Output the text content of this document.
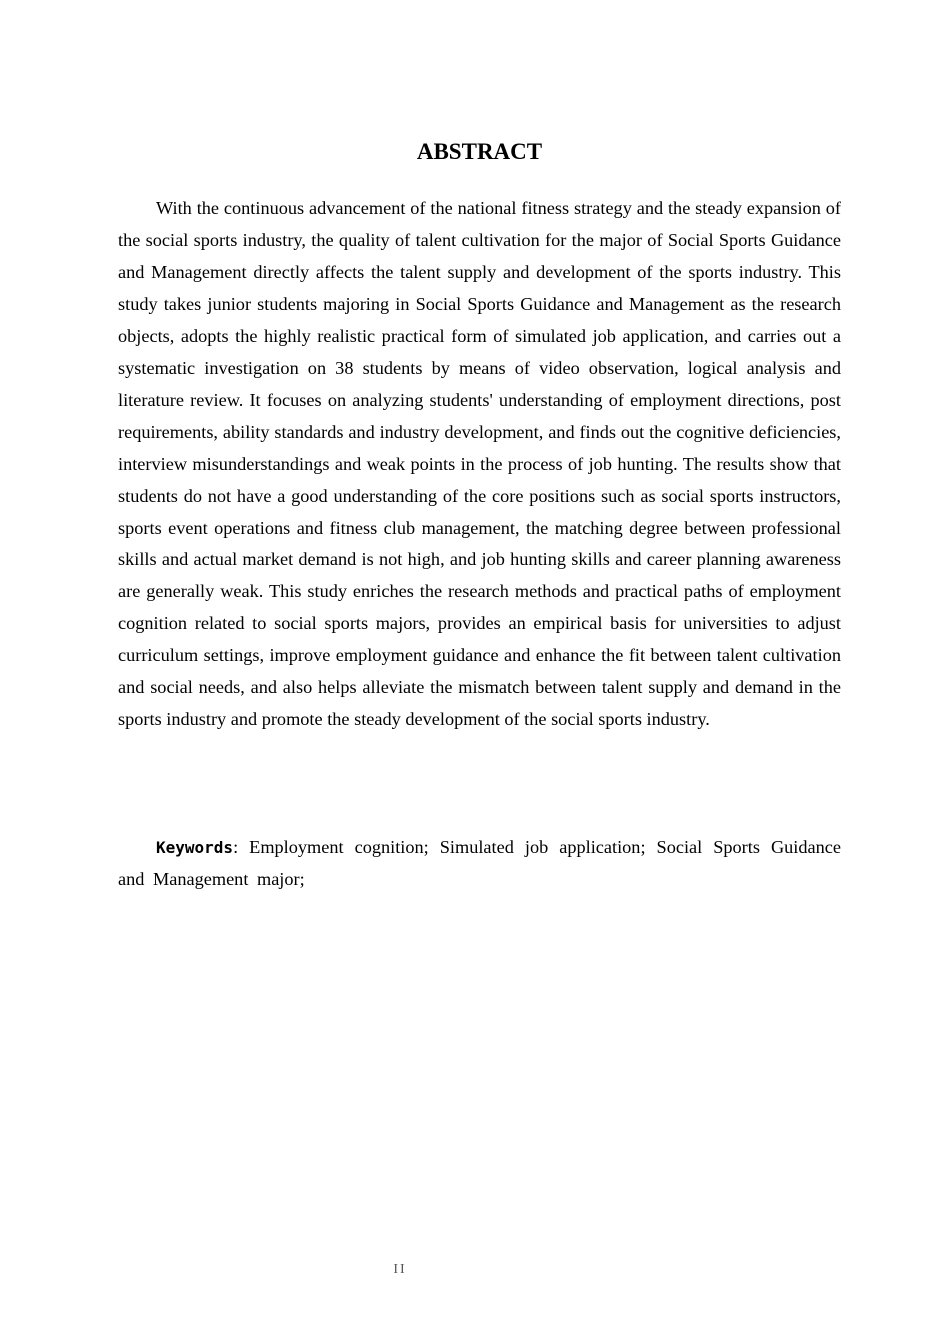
ABSTRACT

With the continuous advancement of the national fitness strategy and the steady expansion of the social sports industry, the quality of talent cultivation for the major of Social Sports Guidance and Management directly affects the talent supply and development of the sports industry. This study takes junior students majoring in Social Sports Guidance and Management as the research objects, adopts the highly realistic practical form of simulated job application, and carries out a systematic investigation on 38 students by means of video observation, logical analysis and literature review. It focuses on analyzing students' understanding of employment directions, post requirements, ability standards and industry development, and finds out the cognitive deficiencies, interview misunderstandings and weak points in the process of job hunting. The results show that students do not have a good understanding of the core positions such as social sports instructors, sports event operations and fitness club management, the matching degree between professional skills and actual market demand is not high, and job hunting skills and career planning awareness are generally weak. This study enriches the research methods and practical paths of employment cognition related to social sports majors, provides an empirical basis for universities to adjust curriculum settings, improve employment guidance and enhance the fit between talent cultivation and social needs, and also helps alleviate the mismatch between talent supply and demand in the sports industry and promote the steady development of the social sports industry.

Keywords: Employment cognition; Simulated job application; Social Sports Guidance and Management major;

II
